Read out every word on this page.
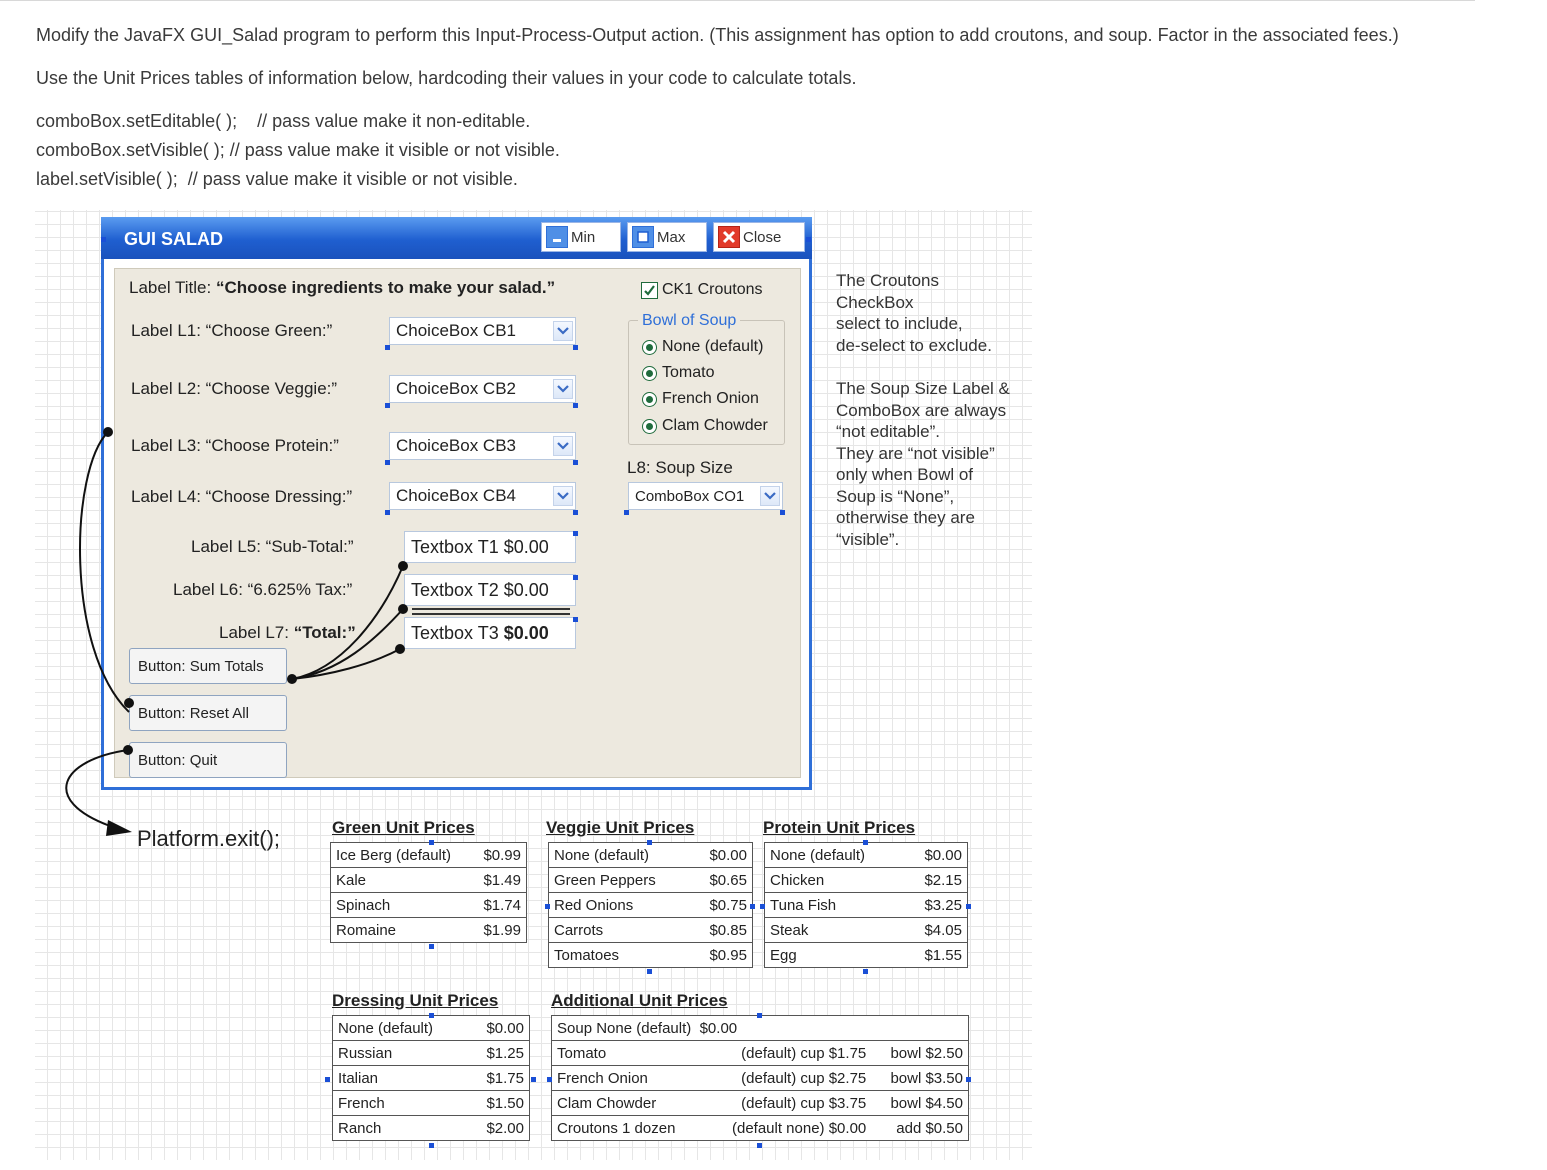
Modify the JavaFX GUI_Salad program to perform this Input-Process-Output action. (This assignment has option to add croutons, and soup. Factor in the associated fees.)
Use the Unit Prices tables of information below, hardcoding their values in your code to calculate totals.
comboBox.setEditable( );    // pass value make it non-editable.
comboBox.setVisible( ); // pass value make it visible or not visible.
label.setVisible( );  // pass value make it visible or not visible.
GUI SALAD	Min	Max	Close
Label Title: “Choose ingredients to make your salad.”
Label L1: “Choose Green:”	ChoiceBox CB1
Label L2: “Choose Veggie:”	ChoiceBox CB2
Label L3: “Choose Protein:”	ChoiceBox CB3
Label L4: “Choose Dressing:”	ChoiceBox CB4
Label L5: “Sub-Total:”	Textbox T1 $0.00
Label L6: “6.625% Tax:”	Textbox T2 $0.00
Label L7: “Total:”	Textbox T3 $0.00
Button: Sum Totals
Button: Reset All
Button: Quit
CK1 Croutons
Bowl of Soup
None (default)
Tomato
French Onion
Clam Chowder
L8: Soup Size
ComboBox CO1
The Croutons
CheckBox
select to include,
de-select to exclude.
The Soup Size Label &
ComboBox are always
“not editable”.
They are “not visible”
only when Bowl of
Soup is “None”,
otherwise they are
“visible”.
Platform.exit();	Green Unit Prices
Ice Berg (default)	$0.99
Kale	$1.49
Spinach	$1.74
Romaine	$1.99
Veggie Unit Prices
None (default)	$0.00
Green Peppers	$0.65
Red Onions	$0.75
Carrots	$0.85
Tomatoes	$0.95
Protein Unit Prices
None (default)	$0.00
Chicken	$2.15
Tuna Fish	$3.25
Steak	$4.05
Egg	$1.55
Dressing Unit Prices
None (default)	$0.00
Russian	$1.25
Italian	$1.75
French	$1.50
Ranch	$2.00
Additional Unit Prices
Soup None (default)  $0.00		
Tomato	(default) cup $1.75	bowl $2.50
French Onion	(default) cup $2.75	bowl $3.50
Clam Chowder	(default) cup $3.75	bowl $4.50
Croutons 1 dozen	(default none) $0.00	add $0.50
